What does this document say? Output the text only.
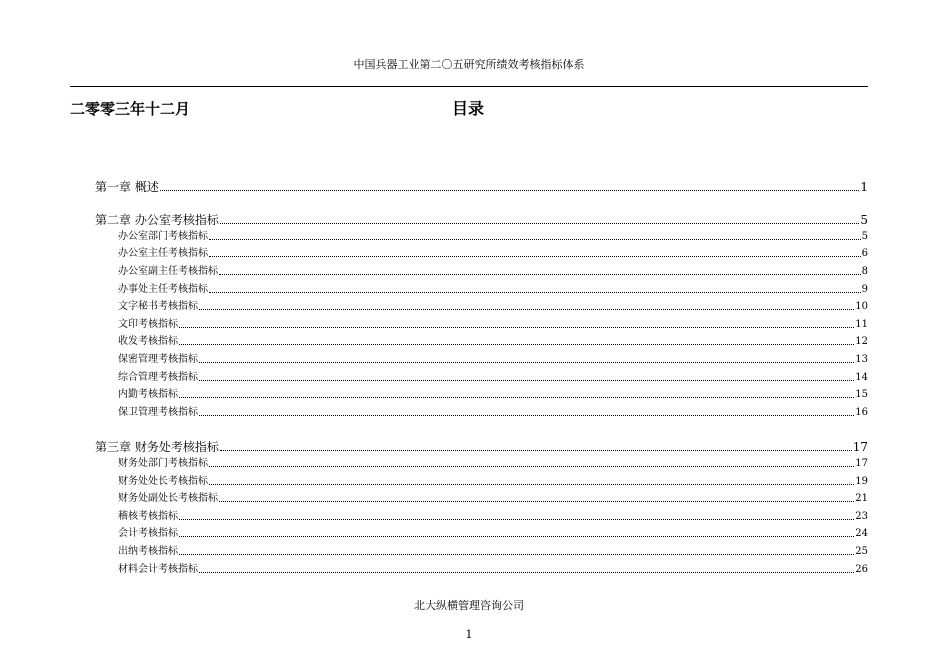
中国兵器工业第二〇五研究所绩效考核指标体系
二零零三年十二月	目录
第一章 概述	1
第二章 办公室考核指标	5
办公室部门考核指标	5
办公室主任考核指标	6
办公室副主任考核指标	8
办事处主任考核指标	9
文字秘书考核指标	10
文印考核指标	11
收发考核指标	12
保密管理考核指标	13
综合管理考核指标	14
内勤考核指标	15
保卫管理考核指标	16
第三章 财务处考核指标	17
财务处部门考核指标	17
财务处处长考核指标	19
财务处副处长考核指标	21
稽核考核指标	23
会计考核指标	24
出纳考核指标	25
材料会计考核指标	26
北大纵横管理咨询公司
1
